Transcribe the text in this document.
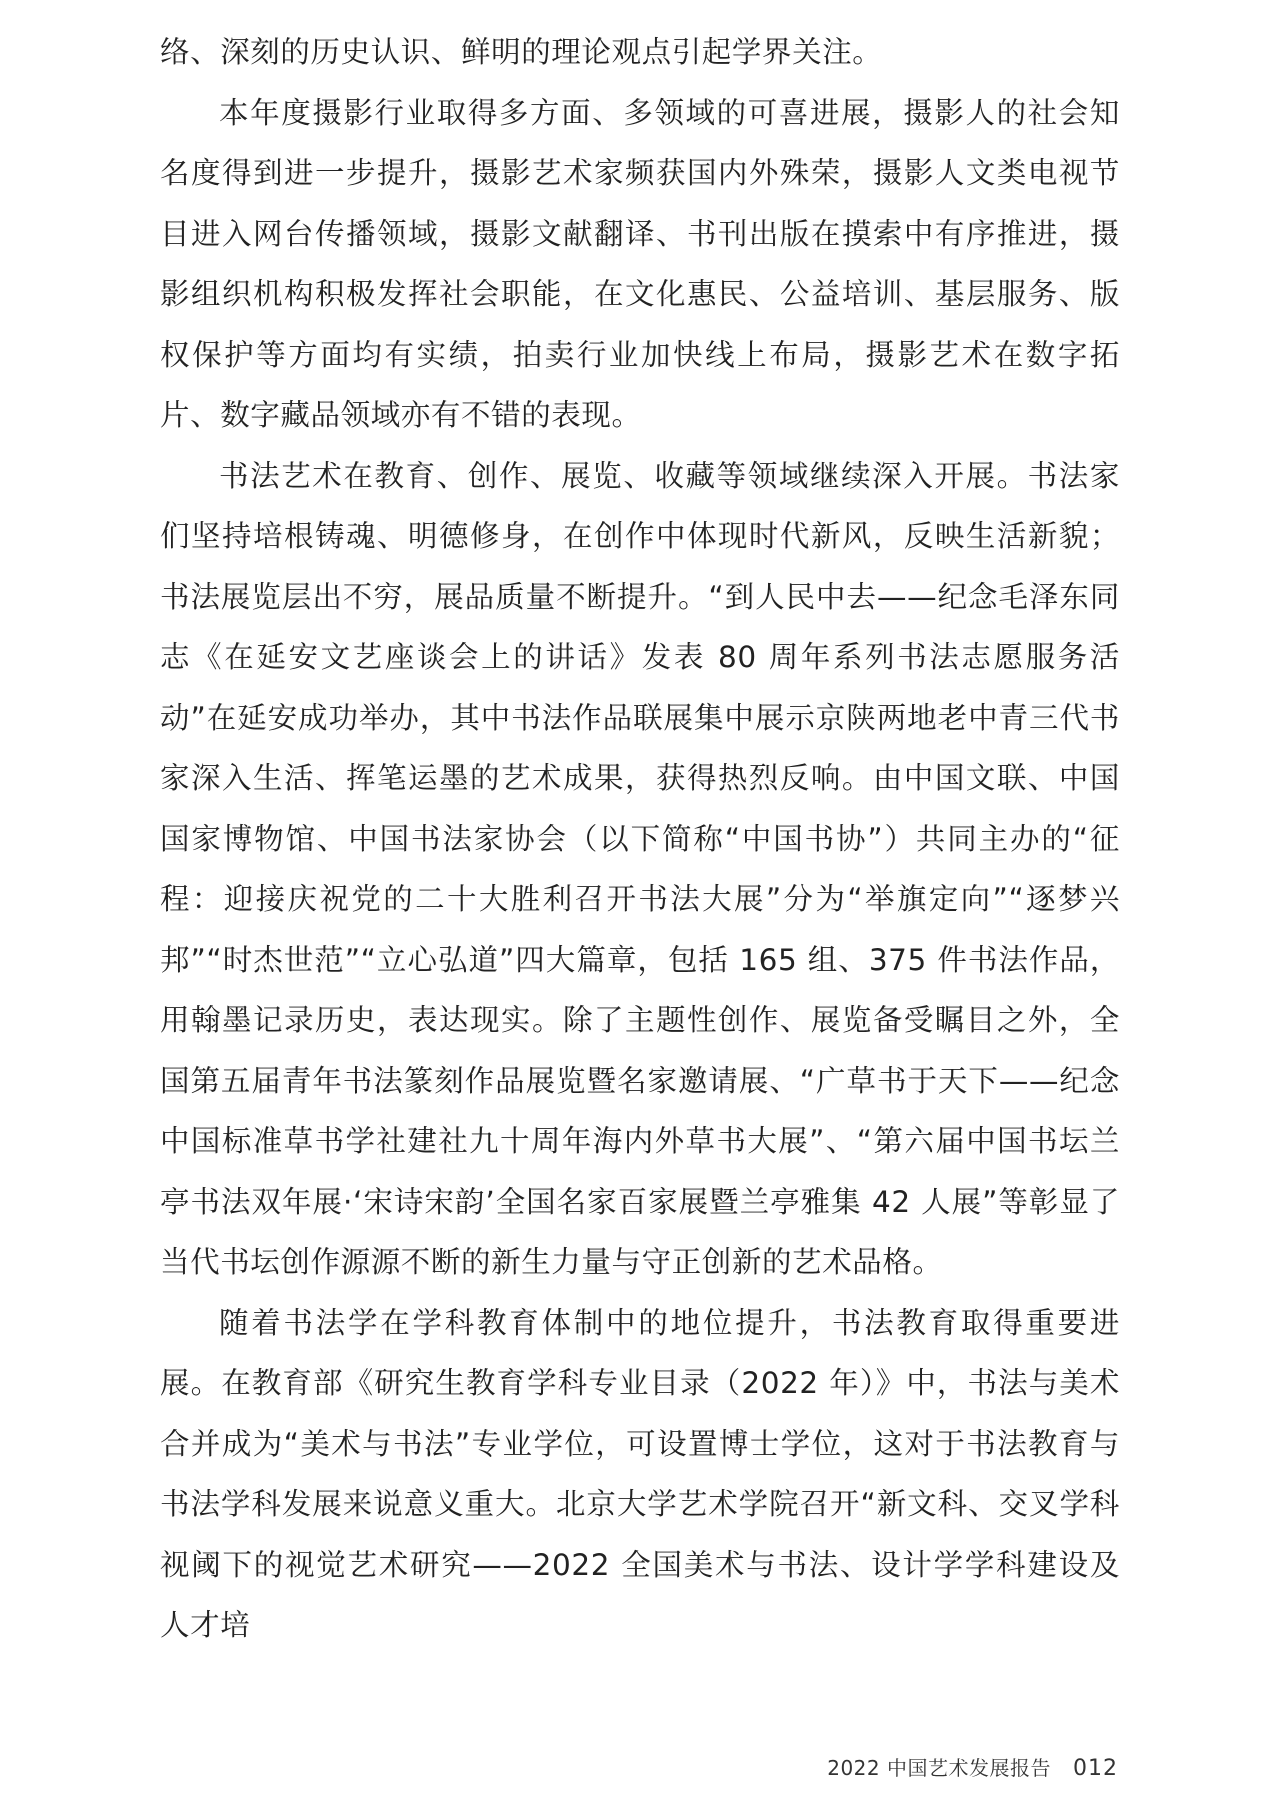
络、深刻的历史认识、鲜明的理论观点引起学界关注。

本年度摄影行业取得多方面、多领域的可喜进展，摄影人的社会知名度得到进一步提升，摄影艺术家频获国内外殊荣，摄影人文类电视节目进入网台传播领域，摄影文献翻译、书刊出版在摸索中有序推进，摄影组织机构积极发挥社会职能，在文化惠民、公益培训、基层服务、版权保护等方面均有实绩，拍卖行业加快线上布局，摄影艺术在数字拓片、数字藏品领域亦有不错的表现。

书法艺术在教育、创作、展览、收藏等领域继续深入开展。书法家们坚持培根铸魂、明德修身，在创作中体现时代新风，反映生活新貌；书法展览层出不穷，展品质量不断提升。“到人民中去——纪念毛泽东同志《在延安文艺座谈会上的讲话》发表 80 周年系列书法志愿服务活动”在延安成功举办，其中书法作品联展集中展示京陕两地老中青三代书家深入生活、挥笔运墨的艺术成果，获得热烈反响。由中国文联、中国国家博物馆、中国书法家协会（以下简称“中国书协”）共同主办的“征程：迎接庆祝党的二十大胜利召开书法大展”分为“举旗定向”“逐梦兴邦”“时杰世范”“立心弘道”四大篇章，包括 165 组、375 件书法作品，用翰墨记录历史，表达现实。除了主题性创作、展览备受瞩目之外，全国第五届青年书法篆刻作品展览暨名家邀请展、“广草书于天下——纪念中国标准草书学社建社九十周年海内外草书大展”、“第六届中国书坛兰亭书法双年展·‘宋诗宋韵’全国名家百家展暨兰亭雅集 42 人展”等彰显了当代书坛创作源源不断的新生力量与守正创新的艺术品格。

随着书法学在学科教育体制中的地位提升，书法教育取得重要进展。在教育部《研究生教育学科专业目录（2022 年）》中，书法与美术合并成为“美术与书法”专业学位，可设置博士学位，这对于书法教育与书法学科发展来说意义重大。北京大学艺术学院召开“新文科、交叉学科视阈下的视觉艺术研究——2022 全国美术与书法、设计学学科建设及人才培

2022 中国艺术发展报告 012
